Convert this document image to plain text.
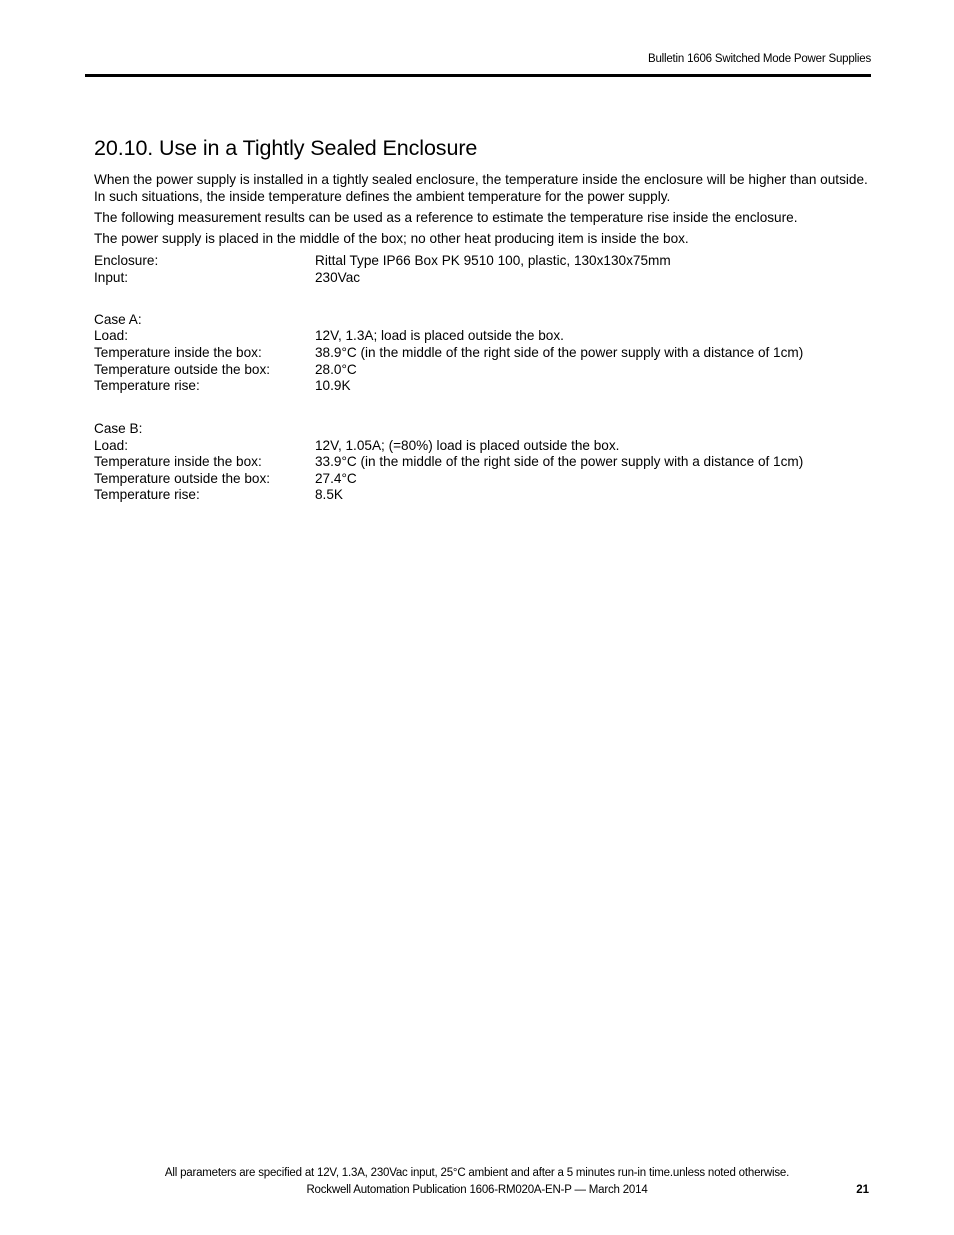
Bulletin 1606 Switched Mode Power Supplies
20.10. Use in a Tightly Sealed Enclosure

When the power supply is installed in a tightly sealed enclosure, the temperature inside the enclosure will be higher than outside. In such situations, the inside temperature defines the ambient temperature for the power supply.

The following measurement results can be used as a reference to estimate the temperature rise inside the enclosure.

The power supply is placed in the middle of the box; no other heat producing item is inside the box.

Enclosure:	Rittal Type IP66 Box PK 9510 100, plastic, 130x130x75mm
Input:	230Vac
Case A:
Load:	12V, 1.3A; load is placed outside the box.
Temperature inside the box:	38.9°C (in the middle of the right side of the power supply with a distance of 1cm)
Temperature outside the box:	28.0°C
Temperature rise:	10.9K
Case B:
Load:	12V, 1.05A; (=80%) load is placed outside the box.
Temperature inside the box:	33.9°C (in the middle of the right side of the power supply with a distance of 1cm)
Temperature outside the box:	27.4°C
Temperature rise:	8.5K
All parameters are specified at 12V, 1.3A, 230Vac input, 25°C ambient and after a 5 minutes run-in time.unless noted otherwise.
Rockwell Automation Publication 1606-RM020A-EN-P — March 2014	21
